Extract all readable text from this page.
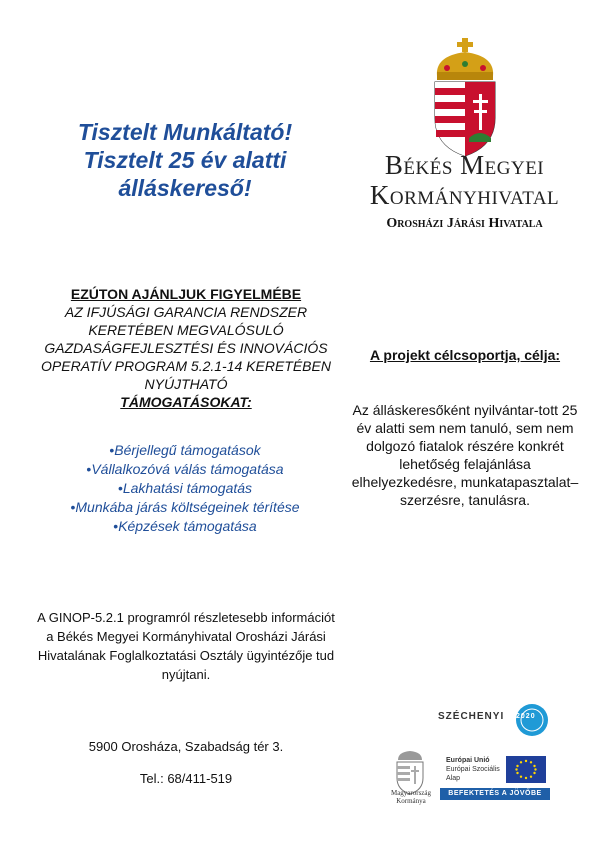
Tisztelt Munkáltató!
Tisztelt 25 év alatti
álláskereső!
Békés Megyei
Kormányhivatal
Orosházi Járási Hivatala
EZÚTON AJÁNLJUK FIGYELMÉBE
AZ IFJÚSÁGI GARANCIA RENDSZER KERETÉBEN MEGVALÓSULÓ GAZDASÁGFEJLESZTÉSI ÉS INNOVÁCIÓS OPERATÍV PROGRAM 5.2.1-14 KERETÉBEN NYÚJTHATÓ
TÁMOGATÁSOKAT:
• Bérjellegű támogatások
• Vállalkozóvá válás támogatása
• Lakhatási támogatás
• Munkába járás költségeinek térítése
• Képzések támogatása
A GINOP-5.2.1 programról részletesebb információt a Békés Megyei Kormányhivatal Orosházi Járási Hivatalának Foglalkoztatási Osztály ügyintézője tud nyújtani.
5900 Orosháza, Szabadság tér 3.
Tel.: 68/411-519
A projekt célcsoportja, célja:
Az álláskeresőként nyilvántar-tott 25 év alatti sem nem tanuló, sem nem dolgozó fiatalok részére konkrét lehetőség felajánlása elhelyezkedésre, munkatapasztalat–szerzésre, tanulásra.
SZÉCHENYI 2020
Magyarország
Kormánya
Európai Unió
Európai Szociális
Alap
BEFEKTETÉS A JÖVŐBE
